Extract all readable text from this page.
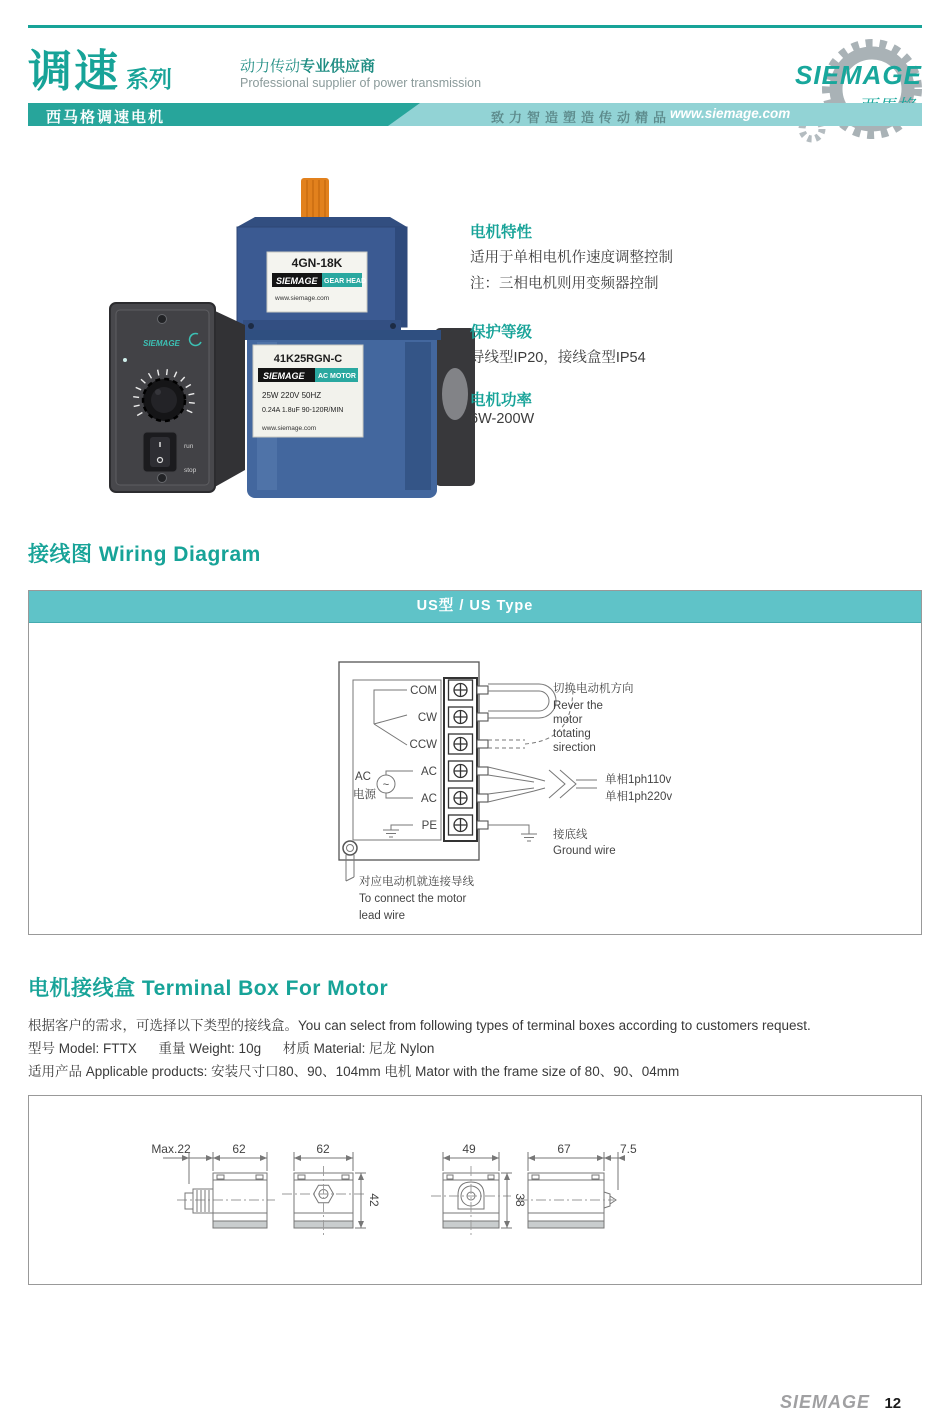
调速 系列	动力传动专业供应商
Professional supplier of power transmission	SIEMAGE
西马格调速电机	致力智造塑造传动精品
www.siemage.com
4GN-18K
SIEMAGE GEAR HEAD
www.siemage.com
41K25RGN-C
SIEMAGE AC MOTOR
25W 220V 50HZ
0.24A 1.8uF 90-120R/MIN
www.siemage.com
SIEMAGE
run
stop
电机特性
适用于单相电机作速度调整控制
注：三相电机则用变频器控制
保护等级
导线型IP20，接线盒型IP54
电机功率
6W-200W
接线图 Wiring Diagram
US型 / US Type
COM
CW
CCW
AC
AC
PE
~
AC
电源
对应电动机就连接导线
To connect the motor
lead wire
切换电动机方向
Rever the
motor
totating
sirection
单相1ph110v
单相1ph220v
接底线
Ground wire
电机接线盒 Terminal Box For Motor
根据客户的需求，可选择以下类型的接线盒。You can select from following types of terminal boxes according to customers request.
型号 Model: FTTX 重量 Weight: 10g 材质 Material: 尼龙 Nylon
适用产品 Applicable products: 安装尺寸口80、90、104mm 电机 Mator with the frame size of 80、90、04mm
Max.22	62	62
42
49
38
67	7.5
SIEMAGE 12
